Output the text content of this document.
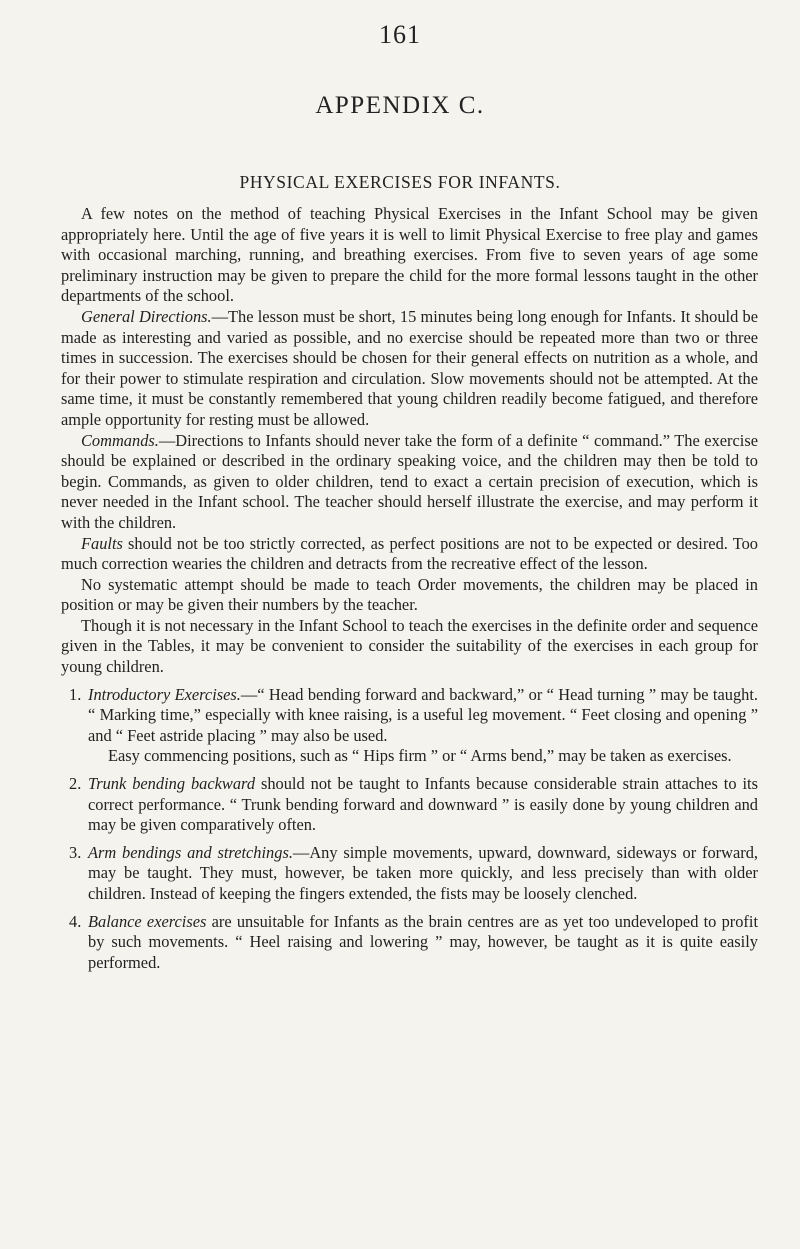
161
APPENDIX C.
PHYSICAL EXERCISES FOR INFANTS.

A few notes on the method of teaching Physical Exercises in the Infant School may be given appropriately here. Until the age of five years it is well to limit Physical Exercise to free play and games with occasional marching, running, and breathing exercises. From five to seven years of age some preliminary instruction may be given to prepare the child for the more formal lessons taught in the other departments of the school.

General Directions.—The lesson must be short, 15 minutes being long enough for Infants. It should be made as interesting and varied as possible, and no exercise should be repeated more than two or three times in succession. The exercises should be chosen for their general effects on nutrition as a whole, and for their power to stimulate respiration and circulation. Slow movements should not be attempted. At the same time, it must be constantly remembered that young children readily become fatigued, and therefore ample opportunity for resting must be allowed.

Commands.—Directions to Infants should never take the form of a definite “ command.” The exercise should be explained or described in the ordinary speaking voice, and the children may then be told to begin. Commands, as given to older children, tend to exact a certain precision of execution, which is never needed in the Infant school. The teacher should herself illustrate the exercise, and may perform it with the children.

Faults should not be too strictly corrected, as perfect positions are not to be expected or desired. Too much correction wearies the children and detracts from the recreative effect of the lesson.

No systematic attempt should be made to teach Order movements, the children may be placed in position or may be given their numbers by the teacher.

Though it is not necessary in the Infant School to teach the exercises in the definite order and sequence given in the Tables, it may be convenient to consider the suitability of the exercises in each group for young children.

1. Introductory Exercises.—“ Head bending forward and backward,” or “ Head turning ” may be taught. “ Marking time,” especially with knee raising, is a useful leg movement. “ Feet closing and opening ” and “ Feet astride placing ” may also be used.
Easy commencing positions, such as “ Hips firm ” or “ Arms bend,” may be taken as exercises.

2. Trunk bending backward should not be taught to Infants because considerable strain attaches to its correct performance. “ Trunk bending forward and downward ” is easily done by young children and may be given comparatively often.

3. Arm bendings and stretchings.—Any simple movements, upward, downward, sideways or forward, may be taught. They must, however, be taken more quickly, and less precisely than with older children. Instead of keeping the fingers extended, the fists may be loosely clenched.

4. Balance exercises are unsuitable for Infants as the brain centres are as yet too undeveloped to profit by such movements. “ Heel raising and lowering ” may, however, be taught as it is quite easily performed.
